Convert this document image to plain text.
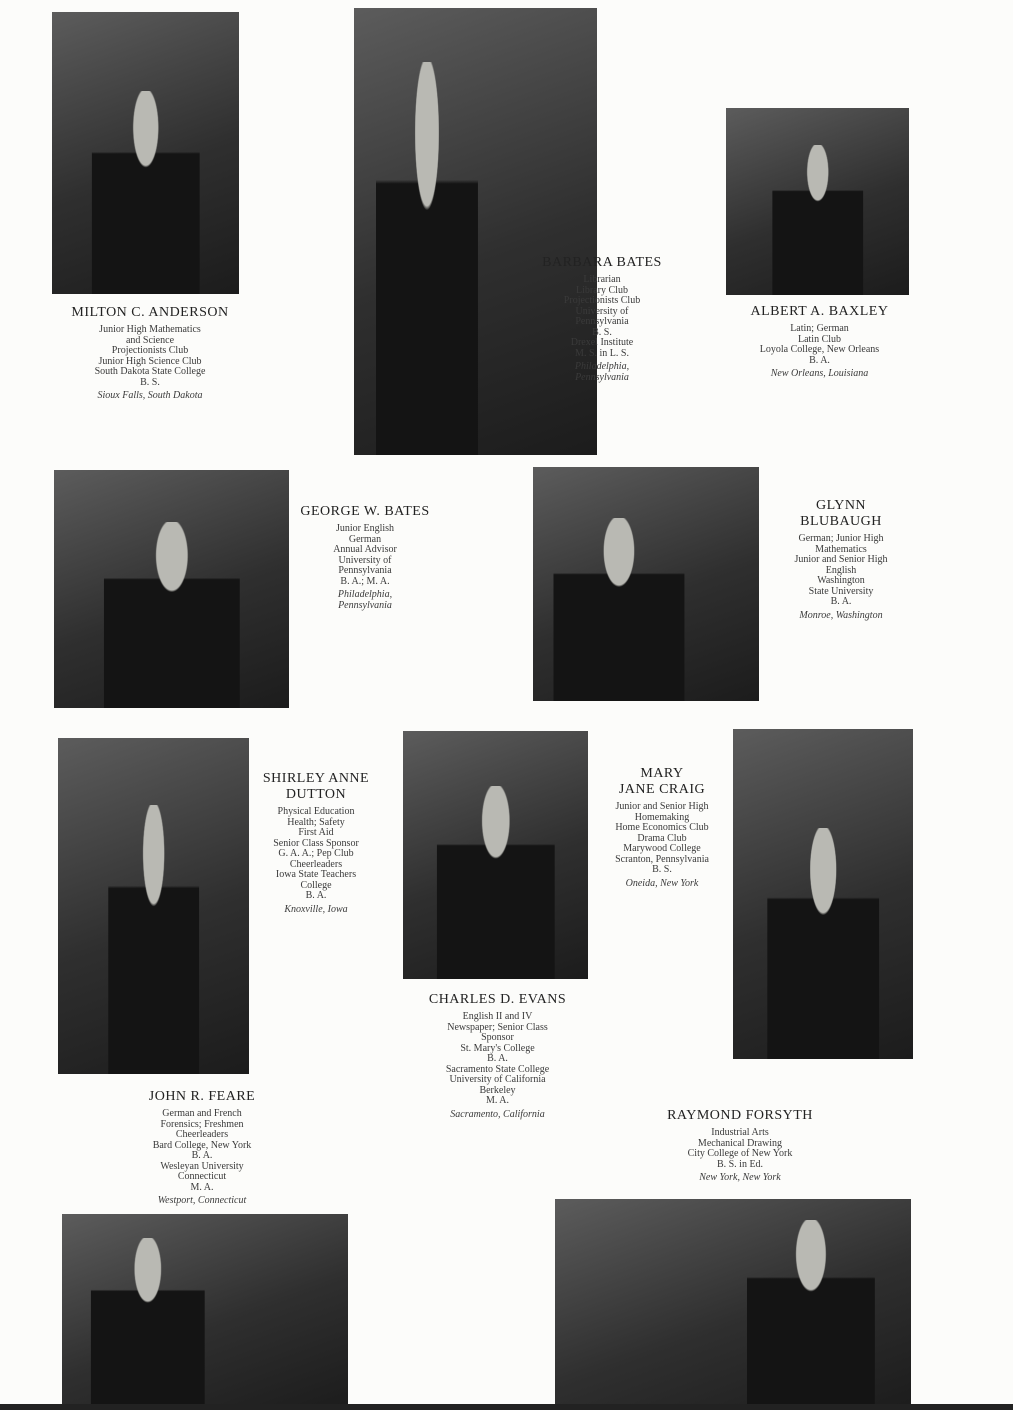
MILTON C. ANDERSON
Junior High Mathematics
and Science
Projectionists Club
Junior High Science Club
South Dakota State College
B. S.
Sioux Falls, South Dakota
BARBARA BATES
Librarian
Library Club
Projectionists Club
University of
Pennsylvania
B. S.
Drexel Institute
M. S. in L. S.
Philadelphia,
Pennsylvania
ALBERT A. BAXLEY
Latin; German
Latin Club
Loyola College, New Orleans
B. A.
New Orleans, Louisiana
GEORGE W. BATES
Junior English
German
Annual Advisor
University of
Pennsylvania
B. A.; M. A.
Philadelphia,
Pennsylvania
GLYNN
BLUBAUGH
German; Junior High
Mathematics
Junior and Senior High
English
Washington
State University
B. A.
Monroe, Washington
SHIRLEY ANNE
DUTTON
Physical Education
Health; Safety
First Aid
Senior Class Sponsor
G. A. A.; Pep Club
Cheerleaders
Iowa State Teachers
College
B. A.
Knoxville, Iowa
MARY
JANE CRAIG
Junior and Senior High
Homemaking
Home Economics Club
Drama Club
Marywood College
Scranton, Pennsylvania
B. S.
Oneida, New York
CHARLES D. EVANS
English II and IV
Newspaper; Senior Class
Sponsor
St. Mary's College
B. A.
Sacramento State College
University of California
Berkeley
M. A.
Sacramento, California
JOHN R. FEARE
German and French
Forensics; Freshmen
Cheerleaders
Bard College, New York
B. A.
Wesleyan University
Connecticut
M. A.
Westport, Connecticut
RAYMOND FORSYTH
Industrial Arts
Mechanical Drawing
City College of New York
B. S. in Ed.
New York, New York
